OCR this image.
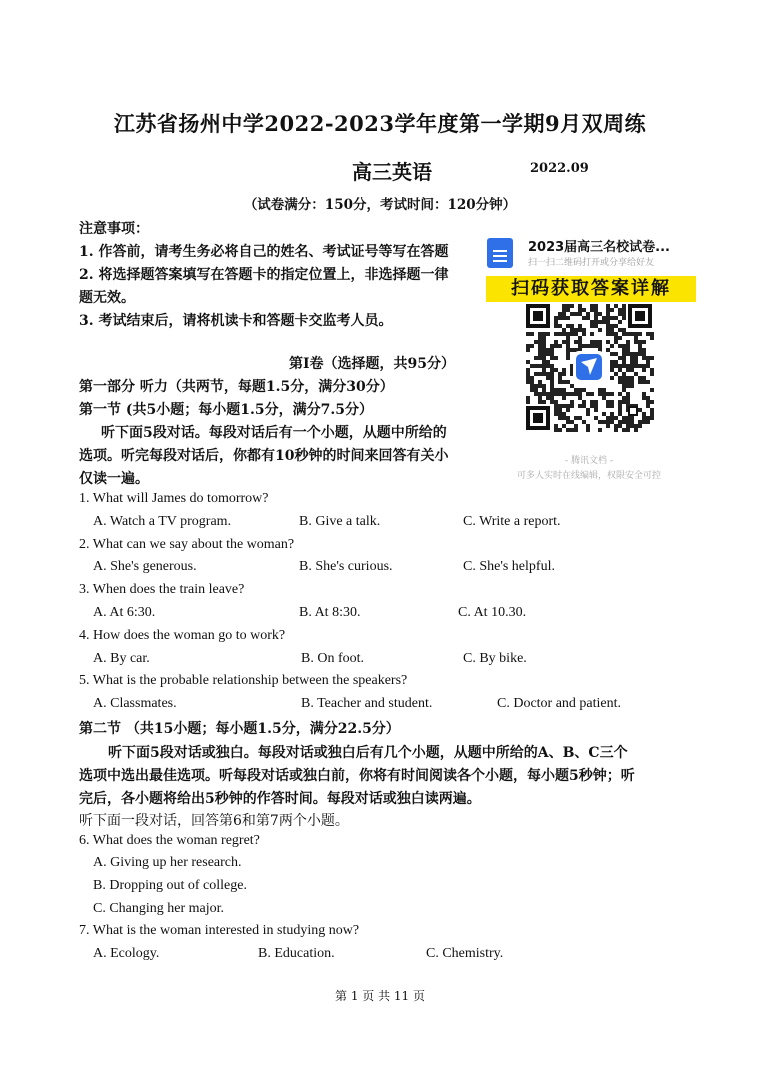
江苏省扬州中学2022-2023学年度第一学期9月双周练
高三英语	2022.09
（试卷满分：150分，考试时间：120分钟）
注意事项：
1. 作答前，请考生务必将自己的姓名、考试证号等写在答题
2. 将选择题答案填写在答题卡的指定位置上，非选择题一律
题无效。
3. 考试结束后，请将机读卡和答题卡交监考人员。
第I卷（选择题，共95分）
第一部分 听力（共两节，每题1.5分，满分30分）
第一节 (共5小题；每小题1.5分，满分7.5分）
听下面5段对话。每段对话后有一个小题，从题中所给的
选项。听完每段对话后，你都有10秒钟的时间来回答有关小
仅读一遍。
1. What will James do tomorrow?
A. Watch a TV program.	B. Give a talk.	C. Write a report.
2. What can we say about the woman?
A. She's generous.	B. She's curious.	C. She's helpful.
3. When does the train leave?
A. At 6:30.	B. At 8:30.	C. At 10.30.
4. How does the woman go to work?
A. By car.	B. On foot.	C. By bike.
5. What is the probable relationship between the speakers?
A. Classmates.	B. Teacher and student.	C. Doctor and patient.
第二节 （共15小题；每小题1.5分，满分22.5分）
听下面5段对话或独白。每段对话或独白后有几个小题，从题中所给的A、B、C三个
选项中选出最佳选项。听每段对话或独白前，你将有时间阅读各个小题，每小题5秒钟；听
完后，各小题将给出5秒钟的作答时间。每段对话或独白读两遍。
听下面一段对话，回答第6和第7两个小题。
6. What does the woman regret?
A. Giving up her research.
B. Dropping out of college.
C. Changing her major.
7. What is the woman interested in studying now?
A. Ecology.	B. Education.	C. Chemistry.
第 1 页 共 11 页
2023届高三名校试卷...
扫一扫二维码打开或分享给好友
扫码获取答案详解
- 腾讯文档 -
可多人实时在线编辑，权限安全可控
